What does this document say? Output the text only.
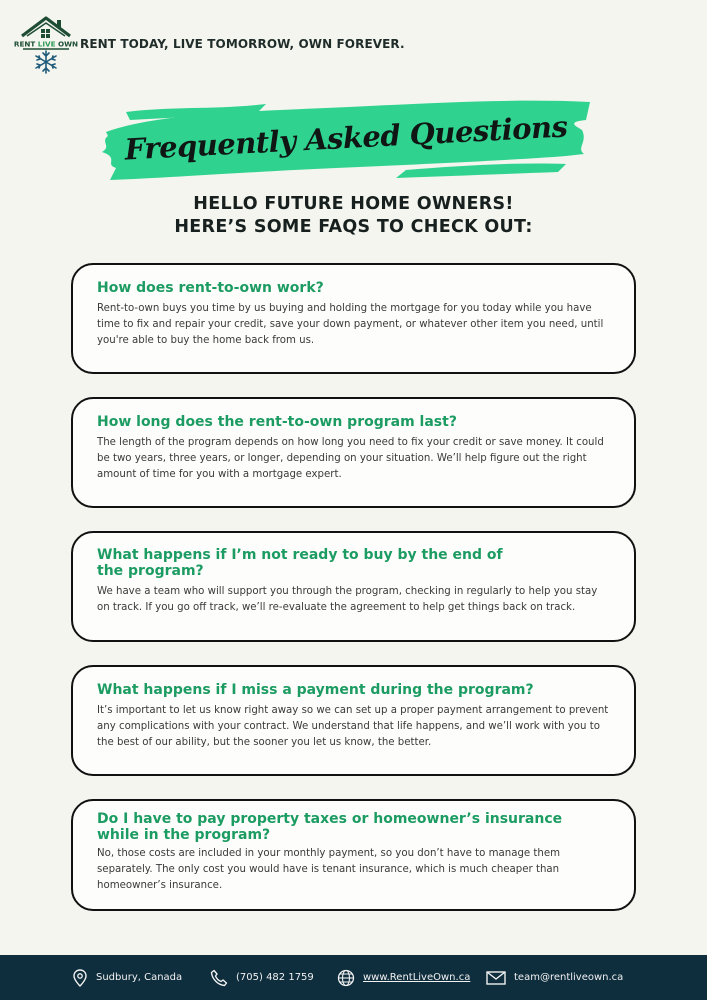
RENT LIVE OWN RENT TODAY, LIVE TOMORROW, OWN FOREVER.
Frequently Asked Questions
HELLO FUTURE HOME OWNERS!
HERE’S SOME FAQS TO CHECK OUT:
How does rent-to-own work?
Rent-to-own buys you time by us buying and holding the mortgage for you today while you have time to fix and repair your credit, save your down payment, or whatever other item you need, until you're able to buy the home back from us.
How long does the rent-to-own program last?
The length of the program depends on how long you need to fix your credit or save money. It could be two years, three years, or longer, depending on your situation. We’ll help figure out the right amount of time for you with a mortgage expert.
What happens if I’m not ready to buy by the end of the program?
We have a team who will support you through the program, checking in regularly to help you stay on track. If you go off track, we’ll re-evaluate the agreement to help get things back on track.
What happens if I miss a payment during the program?
It’s important to let us know right away so we can set up a proper payment arrangement to prevent any complications with your contract. We understand that life happens, and we’ll work with you to the best of our ability, but the sooner you let us know, the better.
Do I have to pay property taxes or homeowner’s insurance while in the program?
No, those costs are included in your monthly payment, so you don’t have to manage them separately. The only cost you would have is tenant insurance, which is much cheaper than homeowner’s insurance.
Sudbury, Canada	(705) 482 1759	www.RentLiveOwn.ca	team@rentliveown.ca
